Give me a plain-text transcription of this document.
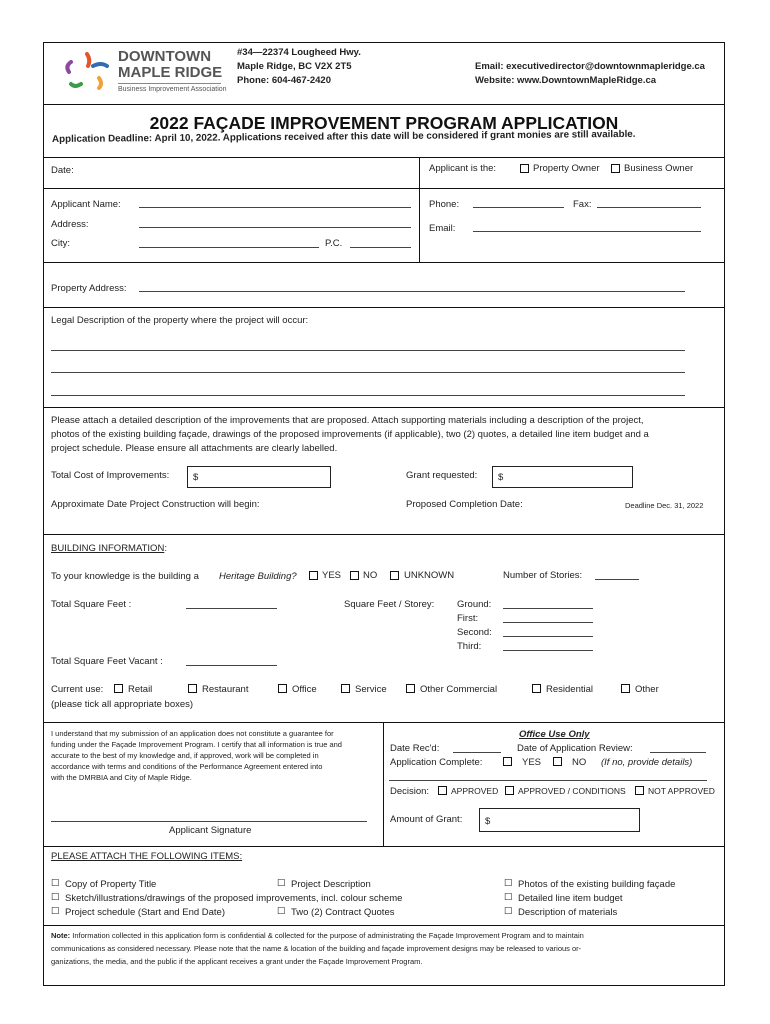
DOWNTOWN
MAPLE RIDGE
Business Improvement Association
#34—22374 Lougheed Hwy.
Maple Ridge, BC V2X 2T5
Phone: 604-467-2420
Email: executivedirector@downtownmapleridge.ca
Website: www.DowntownMapleRidge.ca
2022 FAÇADE IMPROVEMENT PROGRAM APPLICATION
Application Deadline: April 10, 2022. Applications received after this date will be considered if grant monies are still available.
Date:	Applicant is the:	Property Owner	Business Owner
Applicant Name:
Address:
City:	P.C.
Phone:	Fax:
Email:
Property Address:
Legal Description of the property where the project will occur:
Please attach a detailed description of the improvements that are proposed. Attach supporting materials including a description of the project,
photos of the existing building façade, drawings of the proposed improvements (if applicable), two (2) quotes, a detailed line item budget and a
project schedule. Please ensure all attachments are clearly labelled.
Total Cost of Improvements: $	Grant requested: $
Approximate Date Project Construction will begin:	Proposed Completion Date:	Deadline Dec. 31, 2022
BUILDING INFORMATION:
To your knowledge is the building a Heritage Building?	YES NO	UNKNOWN	Number of Stories:
Total Square Feet :	Square Feet / Storey: Ground:
First:
Second:
Third:
Total Square Feet Vacant :
Current use:	Retail	Restaurant	Office	Service	Other Commercial	Residential	Other
(please tick all appropriate boxes)
I understand that my submission of an application does not constitute a guarantee for
funding under the Façade Improvement Program. I certify that all information is true and
accurate to the best of my knowledge and, if approved, work will be completed in
accordance with terms and conditions of the Performance Agreement entered into
with the DMRBIA and City of Maple Ridge.
Applicant Signature
Office Use Only
Date Rec'd:	Date of Application Review:
Application Complete:	YES	NO (If no, provide details)
Decision:	APPROVED APPROVED / CONDITIONS	NOT APPROVED
Amount of Grant: $
PLEASE ATTACH THE FOLLOWING ITEMS:
☐ Copy of Property Title	☐ Project Description	☐ Photos of the existing building façade
☐ Sketch/illustrations/drawings of the proposed improvements, incl. colour scheme	☐ Detailed line item budget
☐ Project schedule (Start and End Date)	☐ Two (2) Contract Quotes	☐ Description of materials
Note: Information collected in this application form is confidential & collected for the purpose of administrating the Façade Improvement Program and to maintain
communications as considered necessary. Please note that the name & location of the building and façade improvement designs may be released to various or-
ganizations, the media, and the public if the applicant receives a grant under the Façade Improvement Program.
